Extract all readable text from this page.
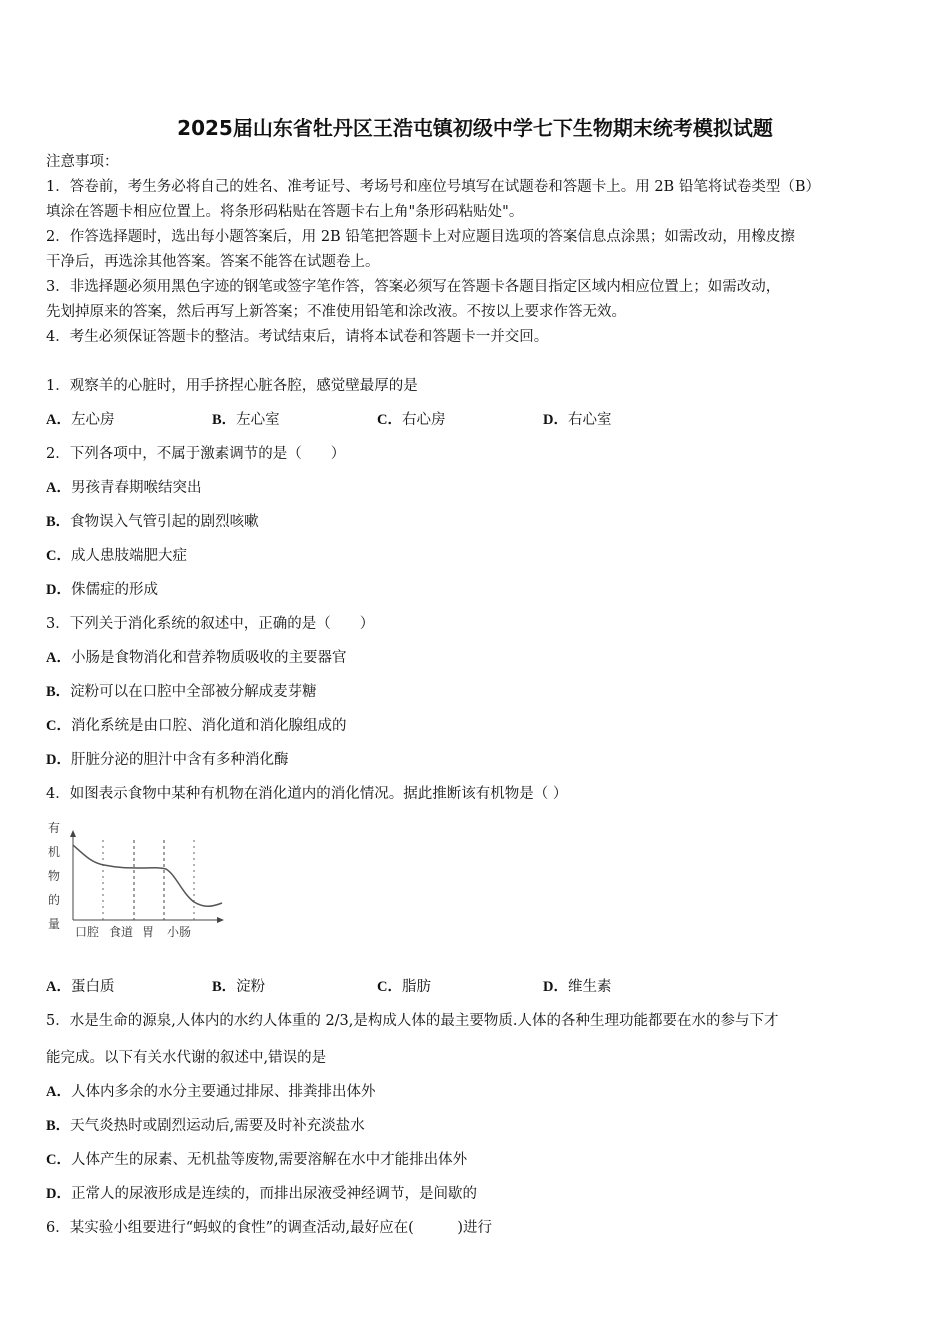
2025届山东省牡丹区王浩屯镇初级中学七下生物期末统考模拟试题
注意事项：
1．答卷前，考生务必将自己的姓名、准考证号、考场号和座位号填写在试题卷和答题卡上。用 2B 铅笔将试卷类型（B）
填涂在答题卡相应位置上。将条形码粘贴在答题卡右上角"条形码粘贴处"。
2．作答选择题时，选出每小题答案后，用 2B 铅笔把答题卡上对应题目选项的答案信息点涂黑；如需改动，用橡皮擦
干净后，再选涂其他答案。答案不能答在试题卷上。
3．非选择题必须用黑色字迹的钢笔或签字笔作答，答案必须写在答题卡各题目指定区域内相应位置上；如需改动，
先划掉原来的答案，然后再写上新答案；不准使用铅笔和涂改液。不按以上要求作答无效。
4．考生必须保证答题卡的整洁。考试结束后，请将本试卷和答题卡一并交回。
1．观察羊的心脏时，用手挤捏心脏各腔，感觉壁最厚的是
A．左心房	B．左心室	C．右心房	D．右心室
2．下列各项中，不属于激素调节的是（　　）
A．男孩青春期喉结突出
B．食物误入气管引起的剧烈咳嗽
C．成人患肢端肥大症
D．侏儒症的形成
3．下列关于消化系统的叙述中，正确的是（　　）
A．小肠是食物消化和营养物质吸收的主要器官
B．淀粉可以在口腔中全部被分解成麦芽糖
C．消化系统是由口腔、消化道和消化腺组成的
D．肝脏分泌的胆汁中含有多种消化酶
4．如图表示食物中某种有机物在消化道内的消化情况。据此推断该有机物是（ ）
有
机
物
的
量
口腔 食道 胃 小肠
A．蛋白质	B．淀粉	C．脂肪	D．维生素
5．水是生命的源泉,人体内的水约人体重的 2/3,是构成人体的最主要物质.人体的各种生理功能都要在水的参与下才
能完成。以下有关水代谢的叙述中,错误的是
A．人体内多余的水分主要通过排尿、排粪排出体外
B．天气炎热时或剧烈运动后,需要及时补充淡盐水
C．人体产生的尿素、无机盐等废物,需要溶解在水中才能排出体外
D．正常人的尿液形成是连续的，而排出尿液受神经调节，是间歇的
6．某实验小组要进行“蚂蚁的食性”的调查活动,最好应在(　　　)进行
